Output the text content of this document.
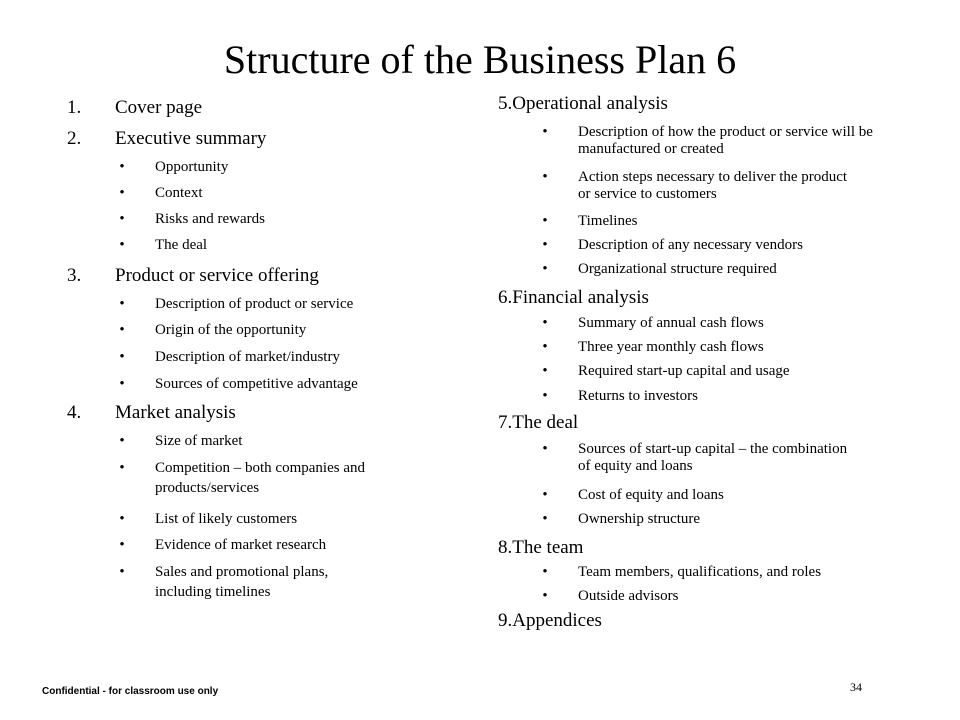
Structure of the Business Plan 6
1. Cover page
2. Executive summary
• Opportunity
• Context
• Risks and rewards
• The deal
3. Product or service offering
• Description of product or service
• Origin of the opportunity
• Description of market/industry
• Sources of competitive advantage
4. Market analysis
• Size of market
• Competition – both companies and products/services
• List of likely customers
• Evidence of market research
• Sales and promotional plans, including timelines
5.Operational analysis
• Description of how the product or service will be manufactured or created
• Action steps necessary to deliver the product or service to customers
• Timelines
• Description of any necessary vendors
• Organizational structure required
6.Financial analysis
• Summary of annual cash flows
• Three year monthly cash flows
• Required start-up capital and usage
• Returns to investors
7.The deal
• Sources of start-up capital – the combination of equity and loans
• Cost of equity and loans
• Ownership structure
8.The team
• Team members, qualifications, and roles
• Outside advisors
9.Appendices
Confidential - for classroom use only	34
